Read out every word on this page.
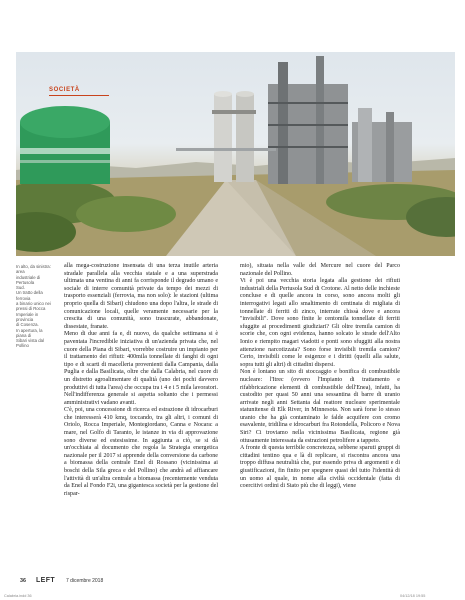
SOCIETÀ

In alto, da sinistra: area

industriale di Pertusola

Sud.

Un tratto della ferrovia

a binario unico nei

pressi di Rocca

Imperiale in provincia

di Cosenza.

In apertura, la piana di

Sibari vista dal Pollino

alla mega-costruzione insensata di una terza inutile arteria stradale parallela alla vecchia statale e a una superstrada ultimata una ventina di anni fa corrisponde il degrado umano e sociale di interre comunità private da tempo dei mezzi di trasporto essenziali (ferrovia, ma non solo): le stazioni (ultima proprio quella di Sibari) chiudono una dopo l'altra, le strade di comunicazione locali, quelle veramente necessarie per la crescita di una comunità, sono trascurate, abbandonate, dissestate, franate.

Meno di due anni fa e, di nuovo, da qualche settimana si è paventata l'incredibile iniziativa di un'azienda privata che, nel cuore della Piana di Sibari, vorrebbe costruire un impianto per il trattamento dei rifiuti: 400mila tonnellate di fanghi di ogni tipo e di scarti di macelleria provenienti dalla Campania, dalla Puglia e dalla Basilicata, oltre che dalla Calabria, nel cuore di un distretto agroalimentare di qualità (uno dei pochi davvero produttivi di tutta l'area) che occupa tra i 4 e i 5 mila lavoratori. Nell'indifferenza generale si aspetta soltanto che i permessi amministrativi vadano avanti.

C'è, poi, una concessione di ricerca ed estrazione di idrocarburi che interesserà 410 kmq, toccando, tra gli altri, i comuni di Oriolo, Rocca Imperiale, Montegiordano, Canna e Nocara: a mare, nel Golfo di Taranto, le istanze in via di approvazione sono diverse ed estesissime. In aggiunta a ciò, se si dà un'occhiata al documento che regola la Strategia energetica nazionale per il 2017 si apprende della conversione da carbone a biomassa della centrale Enel di Rossano (vicinissima ai boschi della Sila greca e del Pollino) che andrà ad affiancare l'attività di un'altra centrale a biomassa (recentemente venduta da Enel al Fondo F2i, una gigantesca società per la gestione del rispar-

mio), situata nella valle del Mercure nel cuore del Parco nazionale del Pollino.

Vi è poi una vecchia storia legata alla gestione dei rifiuti industriali della Pertusola Sud di Crotone. Al netto delle inchieste concluse e di quelle ancora in corso, sono ancora molti gli interrogativi legati allo smaltimento di centinaia di migliaia di tonnellate di ferriti di zinco, interrate chissà dove e ancora "invisibili". Dove sono finite le centomila tonnellate di ferriti sfuggite ai procedimenti giudiziari? Gli oltre tremila camion di scorie che, con ogni evidenza, hanno solcato le strade dell'Alto Ionio e riempito magari viadotti e ponti sono sfuggiti alla nostra attenzione narcotizzata? Sono forse invisibili tremila camion? Certo, invisibili come le esigenze e i diritti (quelli alla salute, sopra tutti gli altri) di cittadini dispersi.

Non è lontano un sito di stoccaggio e bonifica di combustibile nucleare: l'Itrec (ovvero l'Impianto di trattamento e rifabbricazione elementi di combustibile dell'Enea), infatti, ha custodito per quasi 50 anni una sessantina di barre di uranio arrivate negli anni Settanta dal reattore nucleare sperimentale statunitense di Elk River, in Minnesota. Non sarà forse lo stesso uranio che ha già contaminato le falde acquifere con cromo esavalente, tridilina e idrocarburi fra Rotondella, Policoro e Nova Siri? Ci troviamo nella vicinissima Basilicata, regione già ottusamente interessata da estrazioni petrolifere a tappeto.

A fronte di questa terribile concretezza, sebbene sparuti gruppi di cittadini tentino qua e là di replicare, si riscontra ancora una troppo diffusa neutralità che, pur essendo priva di argomenti e di giustificazioni, fin finito per spegnere quasi del tutto l'identità di un uomo al quale, in nome alla civiltà occidentale (fatta di coercitivi ordini di Stato più che di leggi), viene

36 LEFT 7 dicembre 2018
Calabria.indd 36	04/12/18 19:55
